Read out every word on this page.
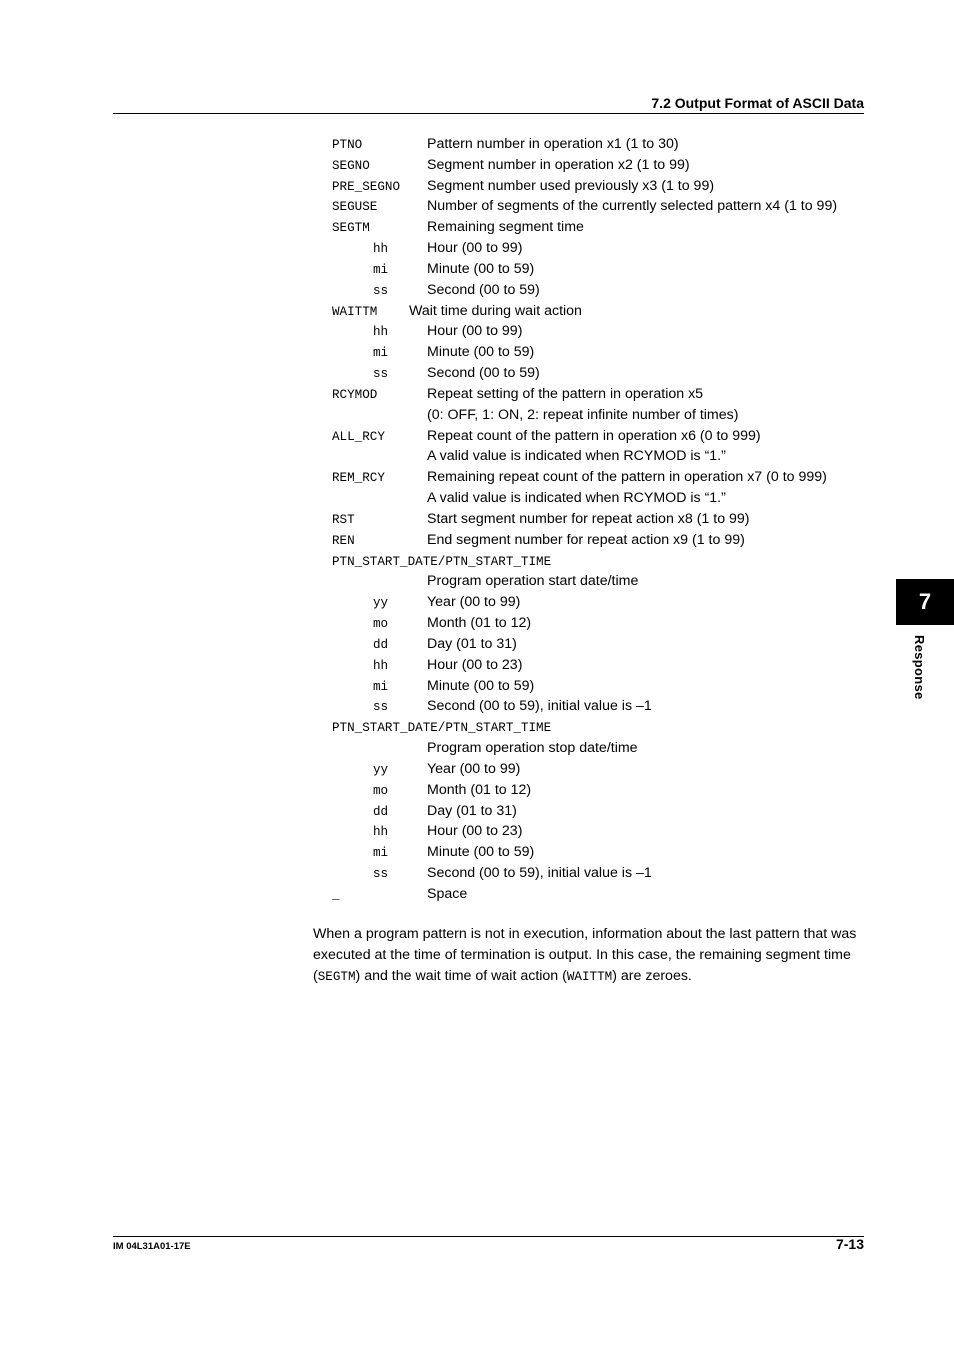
7.2 Output Format of ASCII Data
PTNO	Pattern number in operation x1 (1 to 30)
SEGNO	Segment number in operation x2 (1 to 99)
PRE_SEGNO Segment number used previously x3 (1 to 99)
SEGUSE	Number of segments of the currently selected pattern x4 (1 to 99)
SEGTM	Remaining segment time
hh	Hour (00 to 99)
mi	Minute (00 to 59)
ss	Second (00 to 59)
WAITTM Wait time during wait action
hh	Hour (00 to 99)
mi	Minute (00 to 59)
ss	Second (00 to 59)
RCYMOD	Repeat setting of the pattern in operation x5
(0: OFF, 1: ON, 2: repeat infinite number of times)
ALL_RCY	Repeat count of the pattern in operation x6 (0 to 999)
A valid value is indicated when RCYMOD is “1.”
REM_RCY	Remaining repeat count of the pattern in operation x7 (0 to 999)
A valid value is indicated when RCYMOD is “1.”
RST	Start segment number for repeat action x8 (1 to 99)
REN	End segment number for repeat action x9 (1 to 99)
PTN_START_DATE/PTN_START_TIME
Program operation start date/time
yy	Year (00 to 99)
mo	Month (01 to 12)
dd	Day (01 to 31)
hh	Hour (00 to 23)
mi	Minute (00 to 59)
ss	Second (00 to 59), initial value is –1
PTN_START_DATE/PTN_START_TIME
Program operation stop date/time
yy	Year (00 to 99)
mo	Month (01 to 12)
dd	Day (01 to 31)
hh	Hour (00 to 23)
mi	Minute (00 to 59)
ss	Second (00 to 59), initial value is –1
_	Space
When a program pattern is not in execution, information about the last pattern that was executed at the time of termination is output. In this case, the remaining segment time (SEGTM) and the wait time of wait action (WAITTM) are zeroes.
7
Response
IM 04L31A01-17E	7-13
